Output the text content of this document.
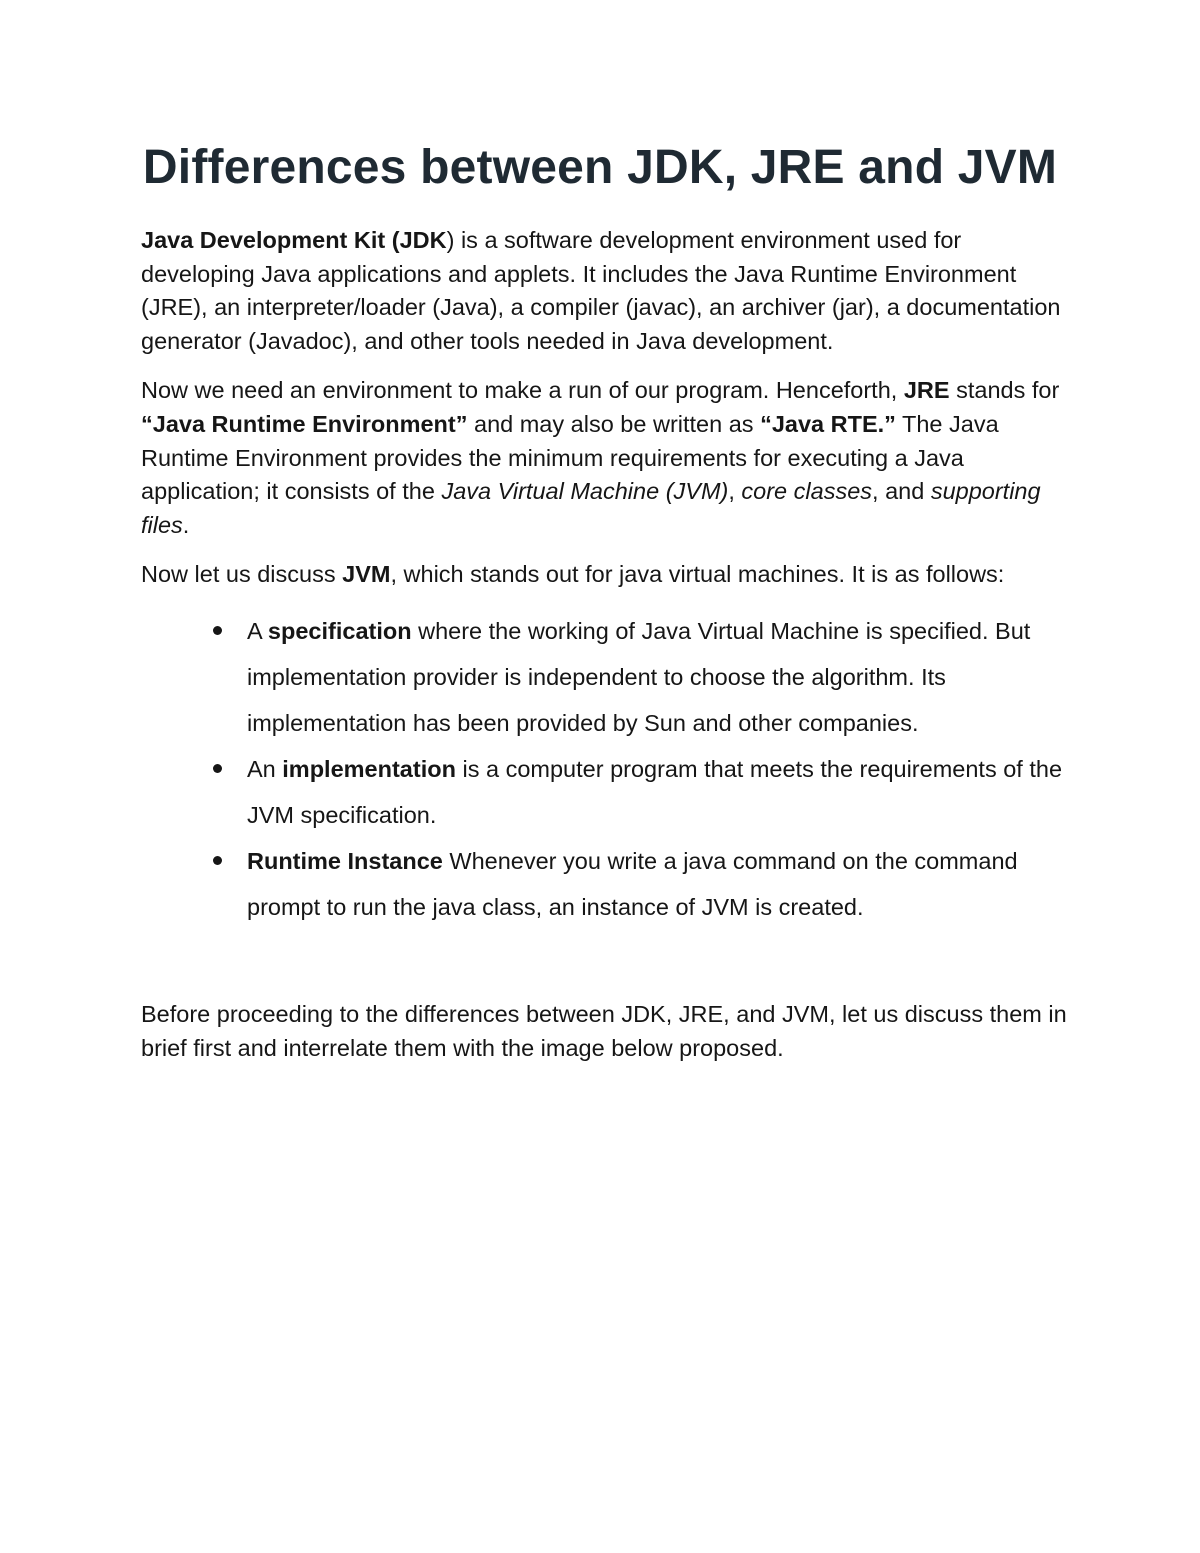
Differences between JDK, JRE and JVM

Java Development Kit (JDK) is a software development environment used for developing Java applications and applets. It includes the Java Runtime Environment (JRE), an interpreter/loader (Java), a compiler (javac), an archiver (jar), a documentation generator (Javadoc), and other tools needed in Java development.

Now we need an environment to make a run of our program. Henceforth, JRE stands for “Java Runtime Environment” and may also be written as “Java RTE.” The Java Runtime Environment provides the minimum requirements for executing a Java application; it consists of the Java Virtual Machine (JVM), core classes, and supporting files.

Now let us discuss JVM, which stands out for java virtual machines. It is as follows:

A specification where the working of Java Virtual Machine is specified. But implementation provider is independent to choose the algorithm. Its implementation has been provided by Sun and other companies.
An implementation is a computer program that meets the requirements of the JVM specification.
Runtime Instance Whenever you write a java command on the command prompt to run the java class, an instance of JVM is created.

Before proceeding to the differences between JDK, JRE, and JVM, let us discuss them in brief first and interrelate them with the image below proposed.
